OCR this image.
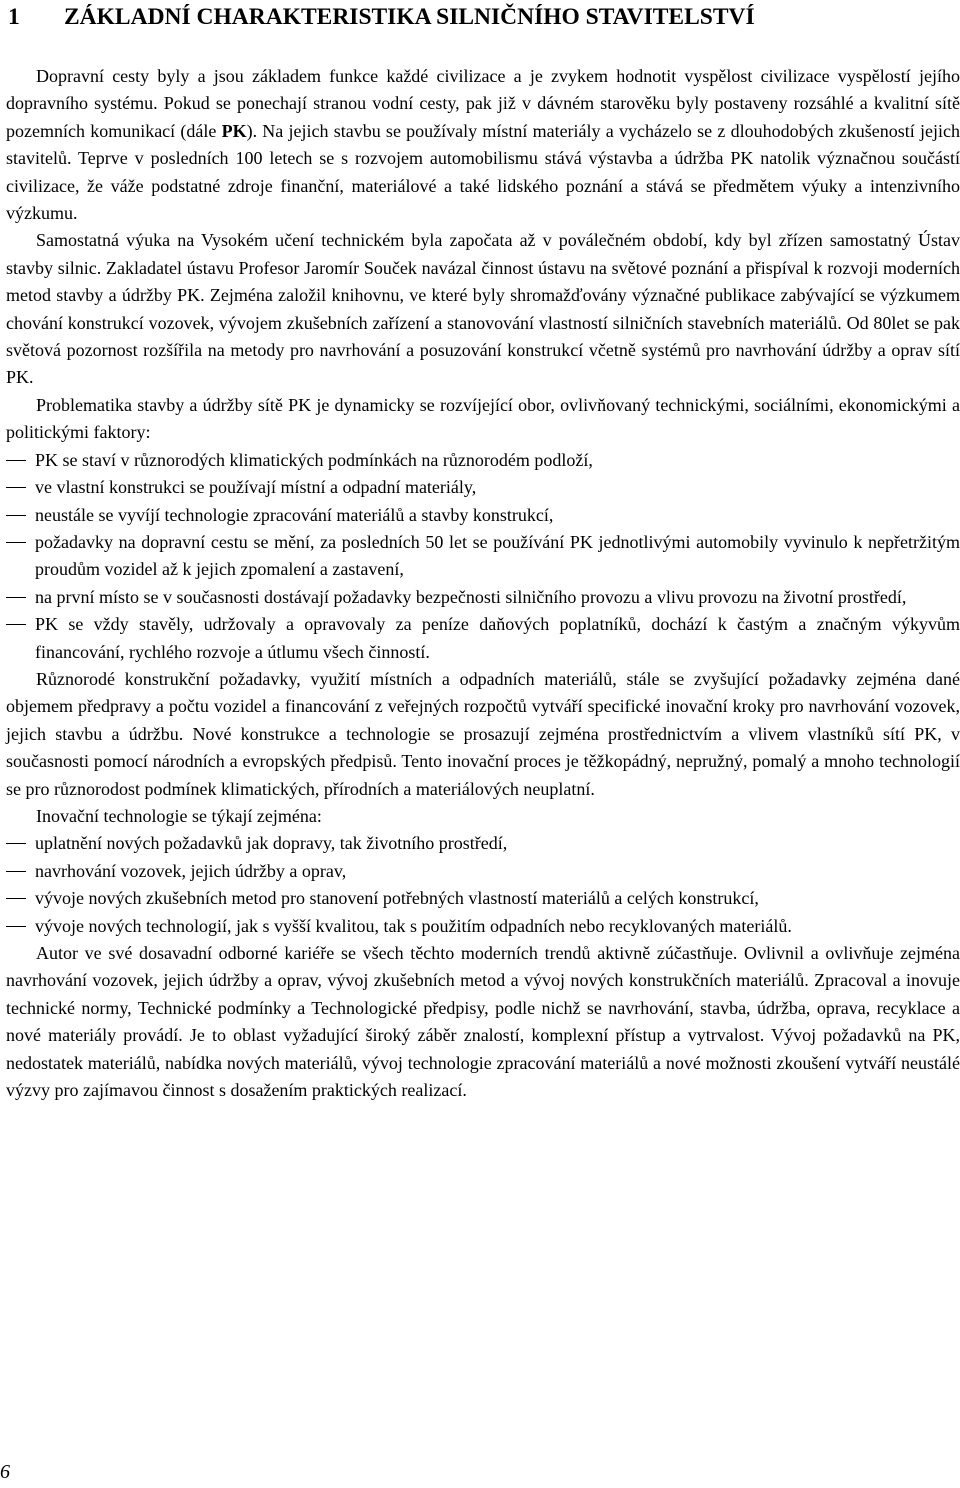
1 ZÁKLADNÍ CHARAKTERISTIKA SILNIČNÍHO STAVITELSTVÍ

Dopravní cesty byly a jsou základem funkce každé civilizace a je zvykem hodnotit vyspělost civilizace vyspělostí jejího dopravního systému. Pokud se ponechají stranou vodní cesty, pak již v dávném starověku byly postaveny rozsáhlé a kvalitní sítě pozemních komunikací (dále PK). Na jejich stavbu se používaly místní materiály a vycházelo se z dlouhodobých zkušeností jejich stavitelů. Teprve v posledních 100 letech se s rozvojem automobilismu stává výstavba a údržba PK natolik význačnou součástí civilizace, že váže podstatné zdroje finanční, materiálové a také lidského poznání a stává se předmětem výuky a intenzivního výzkumu.

Samostatná výuka na Vysokém učení technickém byla započata až v poválečném období, kdy byl zřízen samostatný Ústav stavby silnic. Zakladatel ústavu Profesor Jaromír Souček navázal činnost ústavu na světové poznání a přispíval k rozvoji moderních metod stavby a údržby PK. Zejména založil knihovnu, ve které byly shromažďovány význačné publikace zabývající se výzkumem chování konstrukcí vozovek, vývojem zkušebních zařízení a stanovování vlastností silničních stavebních materiálů. Od 80let se pak světová pozornost rozšířila na metody pro navrhování a posuzování konstrukcí včetně systémů pro navrhování údržby a oprav sítí PK.

Problematika stavby a údržby sítě PK je dynamicky se rozvíjející obor, ovlivňovaný technickými, sociálními, ekonomickými a politickými faktory:

PK se staví v různorodých klimatických podmínkách na různorodém podloží,
ve vlastní konstrukci se používají místní a odpadní materiály,
neustále se vyvíjí technologie zpracování materiálů a stavby konstrukcí,
požadavky na dopravní cestu se mění, za posledních 50 let se používání PK jednotlivými automobily vyvinulo k nepřetržitým proudům vozidel až k jejich zpomalení a zastavení,
na první místo se v současnosti dostávají požadavky bezpečnosti silničního provozu a vlivu provozu na životní prostředí,
PK se vždy stavěly, udržovaly a opravovaly za peníze daňových poplatníků, dochází k častým a značným výkyvům financování, rychlého rozvoje a útlumu všech činností.

Různorodé konstrukční požadavky, využití místních a odpadních materiálů, stále se zvyšující požadavky zejména dané objemem předpravy a počtu vozidel a financování z veřejných rozpočtů vytváří specifické inovační kroky pro navrhování vozovek, jejich stavbu a údržbu. Nové konstrukce a technologie se prosazují zejména prostřednictvím a vlivem vlastníků sítí PK, v současnosti pomocí národních a evropských předpisů. Tento inovační proces je těžkopádný, nepružný, pomalý a mnoho technologií se pro různorodost podmínek klimatických, přírodních a materiálových neuplatní.

Inovační technologie se týkají zejména:

uplatnění nových požadavků jak dopravy, tak životního prostředí,
navrhování vozovek, jejich údržby a oprav,
vývoje nových zkušebních metod pro stanovení potřebných vlastností materiálů a celých konstrukcí,
vývoje nových technologií, jak s vyšší kvalitou, tak s použitím odpadních nebo recyklovaných materiálů.

Autor ve své dosavadní odborné kariéře se všech těchto moderních trendů aktivně zúčastňuje. Ovlivnil a ovlivňuje zejména navrhování vozovek, jejich údržby a oprav, vývoj zkušebních metod a vývoj nových konstrukčních materiálů. Zpracoval a inovuje technické normy, Technické podmínky a Technologické předpisy, podle nichž se navrhování, stavba, údržba, oprava, recyklace a nové materiály provádí. Je to oblast vyžadující široký záběr znalostí, komplexní přístup a vytrvalost. Vývoj požadavků na PK, nedostatek materiálů, nabídka nových materiálů, vývoj technologie zpracování materiálů a nové možnosti zkoušení vytváří neustálé výzvy pro zajímavou činnost s dosažením praktických realizací.

6
